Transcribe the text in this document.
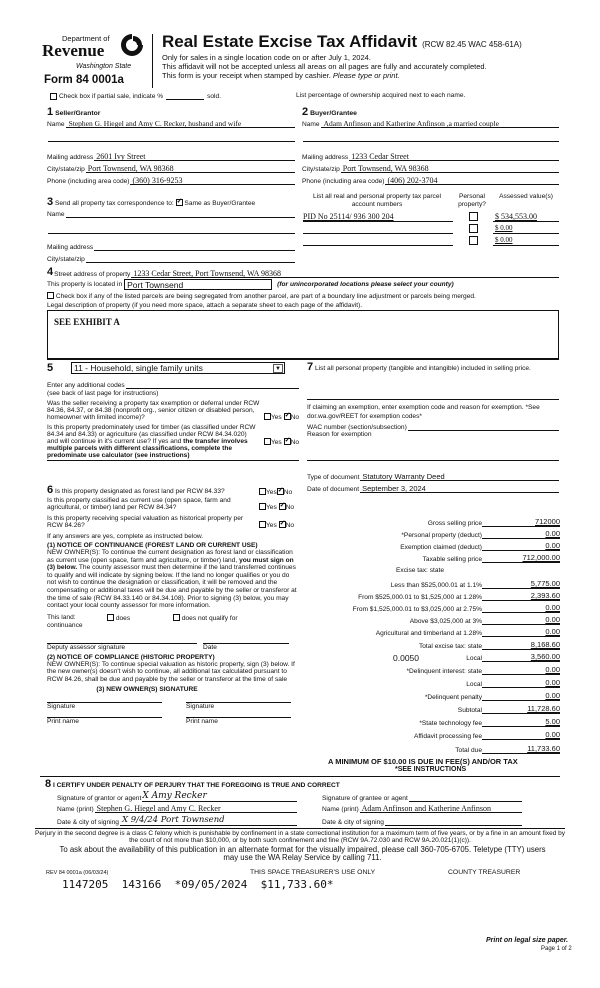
Department of
Revenue
Washington State
Form 84 0001a
Real Estate Excise Tax Affidavit (RCW 82.45 WAC 458-61A)
Only for sales in a single location code on or after July 1, 2024.
This affidavit will not be accepted unless all areas on all pages are fully and accurately completed.
This form is your receipt when stamped by cashier. Please type or print.
Check box if partial sale, indicate %	sold.	List percentage of ownership acquired next to each name.
1 Seller/Grantor
Name Stephen G. Hiegel and Amy C. Recker, husband and wife
Mailing address 2601 Ivy Street
City/state/zip Port Townsend, WA 98368
Phone (including area code) (360) 316-9253
2 Buyer/Grantee
Name Adam Anfinson and Katherine Anfinson ,a married couple
Mailing address 1233 Cedar Street
City/state/zip Port Townsend, WA 98368
Phone (including area code) (406) 202-3704
3 Send all property tax correspondence to: ✓ Same as Buyer/Grantee
Name
Mailing address
City/state/zip
List all real and personal property tax parcel account numbers
Personal property?
Assessed value(s)
PID No 25114/ 936 300 204	$ 534,553.00
$ 0.00
$ 0.00
4 Street address of property 1233 Cedar Street, Port Townsend, WA 98368
This property is located in Port Townsend	(for unincorporated locations please select your county)
Check box if any of the listed parcels are being segregated from another parcel, are part of a boundary line adjustment or parcels being merged.
Legal description of property (if you need more space, attach a separate sheet to each page of the affidavit).
SEE EXHIBIT A
5	11 - Household, single family units	▼
Enter any additional codes
(see back of last page for instructions)
Was the seller receiving a property tax exemption or deferral under RCW 84.36, 84.37, or 84.38 (nonprofit org., senior citizen or disabled person, homeowner with limited income)?	Yes ✓ No
Is this property predominately used for timber (as classified under RCW 84.34 and 84.33) or agriculture (as classified under RCW 84.34.020) and will continue in it's current use? If yes and the transfer involves multiple parcels with different classifications, complete the predominate use calculator (see instructions)
Yes ✓ No
7 List all personal property (tangible and intangible) included in selling price.
If claiming an exemption, enter exemption code and reason for exemption. *See dor.wa.gov/REET for exemption codes*
WAC number (section/subsection)
Reason for exemption
Type of document Statutory Warranty Deed
Date of document September 3, 2024
6 Is this property designated as forest land per RCW 84.33?	Yes ✓ No
Is this property classified as current use (open space, farm and agricultural, or timber) land per RCW 84.34?	Yes ✓ No
Is this property receiving special valuation as historical property per RCW 84.26?	Yes ✓ No
If any answers are yes, complete as instructed below.
(1) NOTICE OF CONTINUANCE (FOREST LAND OR CURRENT USE)
NEW OWNER(S): To continue the current designation as forest land or classification as current use (open space, farm and agriculture, or timber) land, you must sign on (3) below. The county assessor must then determine if the land transferred continues to qualify and will indicate by signing below. If the land no longer qualifies or you do not wish to continue the designation or classification, it will be removed and the compensating or additional taxes will be due and payable by the seller or transferor at the time of sale (RCW 84.33.140 or 84.34.108). Prior to signing (3) below, you may contact your local county assessor for more information.
This land:	does	does not qualify for
continuance
Deputy assessor signature	Date
(2) NOTICE OF COMPLIANCE (HISTORIC PROPERTY)
NEW OWNER(S): To continue special valuation as historic property, sign (3) below. If the new owner(s) doesn't wish to continue, all additional tax calculated pursuant to RCW 84.26, shall be due and payable by the seller or transferor at the time of sale
(3) NEW OWNER(S) SIGNATURE
Signature	Signature
Print name	Print name
Gross selling price	712000
*Personal property (deduct)	0.00
Exemption claimed (deduct)	0.00
Taxable selling price	712,000.00
Excise tax: state
Less than $525,000.01 at 1.1%	5,775.00
From $525,000.01 to $1,525,000 at 1.28%	2,393.60
From $1,525,000.01 to $3,025,000 at 2.75%	0.00
Above $3,025,000 at 3%	0.00
Agricultural and timberland at 1.28%	0.00
Total excise tax: state	8,168.60
0.0050	Local	3,560.00
*Delinquent interest: state	0.00
Local	0.00
*Delinquent penalty	0.00
Subtotal	11,728.60
*State technology fee	5.00
Affidavit processing fee	0.00
Total due	11,733.60
A MINIMUM OF $10.00 IS DUE IN FEE(S) AND/OR TAX
*SEE INSTRUCTIONS
8 I CERTIFY UNDER PENALTY OF PERJURY THAT THE FOREGOING IS TRUE AND CORRECT
Signature of grantor or agent X Amy Recker	Signature of grantee or agent
Name (print) Stephen G. Hiegel and Amy C. Recker	Name (print) Adam Anfinson and Katherine Anfinson
Date & city of signing X 9/4/24 Port Townsend	Date & city of signing
Perjury in the second degree is a class C felony which is punishable by confinement in a state correctional institution for a maximum term of five years, or by a fine in an amount fixed by the court of not more than $10,000, or by both such confinement and fine (RCW 9A.72.030 and RCW 9A.20.021(1)(c)).
To ask about the availability of this publication in an alternate format for the visually impaired, please call 360-705-6705. Teletype (TTY) users may use the WA Relay Service by calling 711.
REV 84 0001a (06/03/24)	THIS SPACE TREASURER'S USE ONLY	COUNTY TREASURER
1147205  143166  *09/05/2024  $11,733.60*
Print on legal size paper.
Page 1 of 2
